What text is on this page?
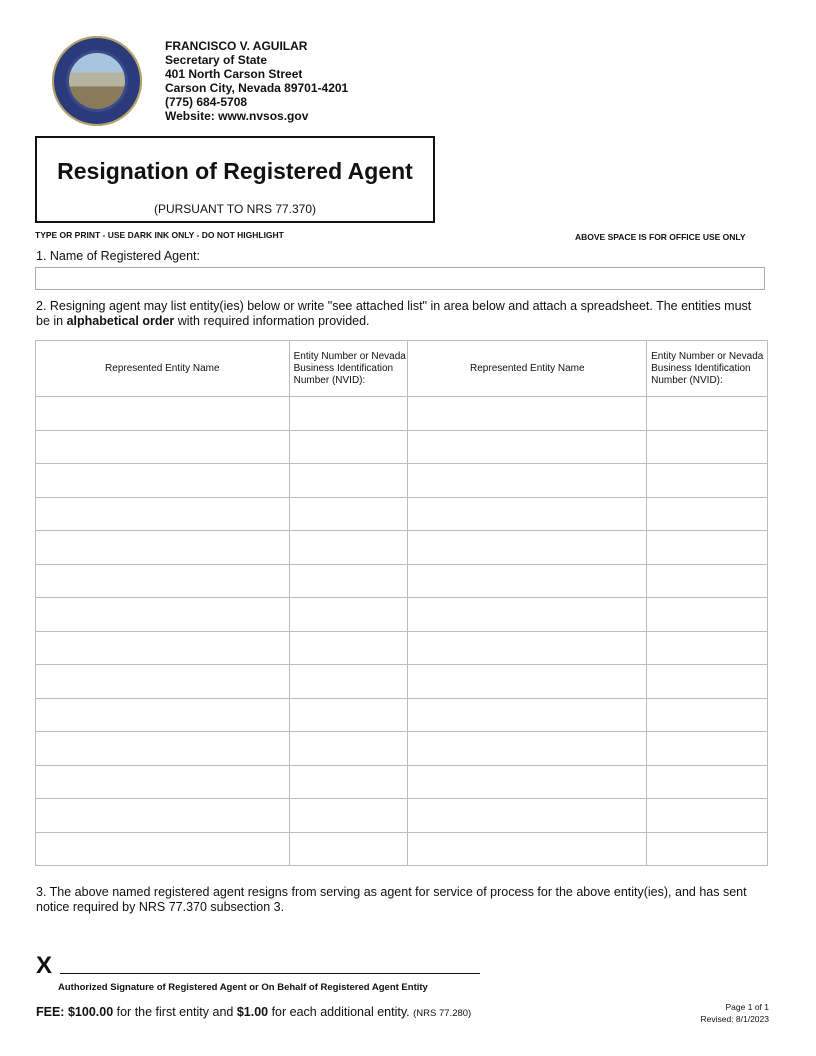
FRANCISCO V. AGUILAR
Secretary of State
401 North Carson Street
Carson City, Nevada 89701-4201
(775) 684-5708
Website: www.nvsos.gov
Resignation of Registered Agent
(PURSUANT TO NRS 77.370)
TYPE OR PRINT - USE DARK INK ONLY - DO NOT HIGHLIGHT	ABOVE SPACE IS FOR OFFICE USE ONLY
1. Name of Registered Agent:
2. Resigning agent may list entity(ies) below or write "see attached list" in area below and attach a spreadsheet. The entities must be in alphabetical order with required information provided.
Represented Entity Name	Entity Number or Nevada Business Identification Number (NVID):	Represented Entity Name	Entity Number or Nevada Business Identification Number (NVID):

3. The above named registered agent resigns from serving as agent for service of process for the above entity(ies), and has sent notice required by NRS 77.370 subsection 3.
X
Authorized Signature of Registered Agent or On Behalf of Registered Agent Entity
FEE: $100.00 for the first entity and $1.00 for each additional entity. (NRS 77.280)
Page 1 of 1
Revised: 8/1/2023
